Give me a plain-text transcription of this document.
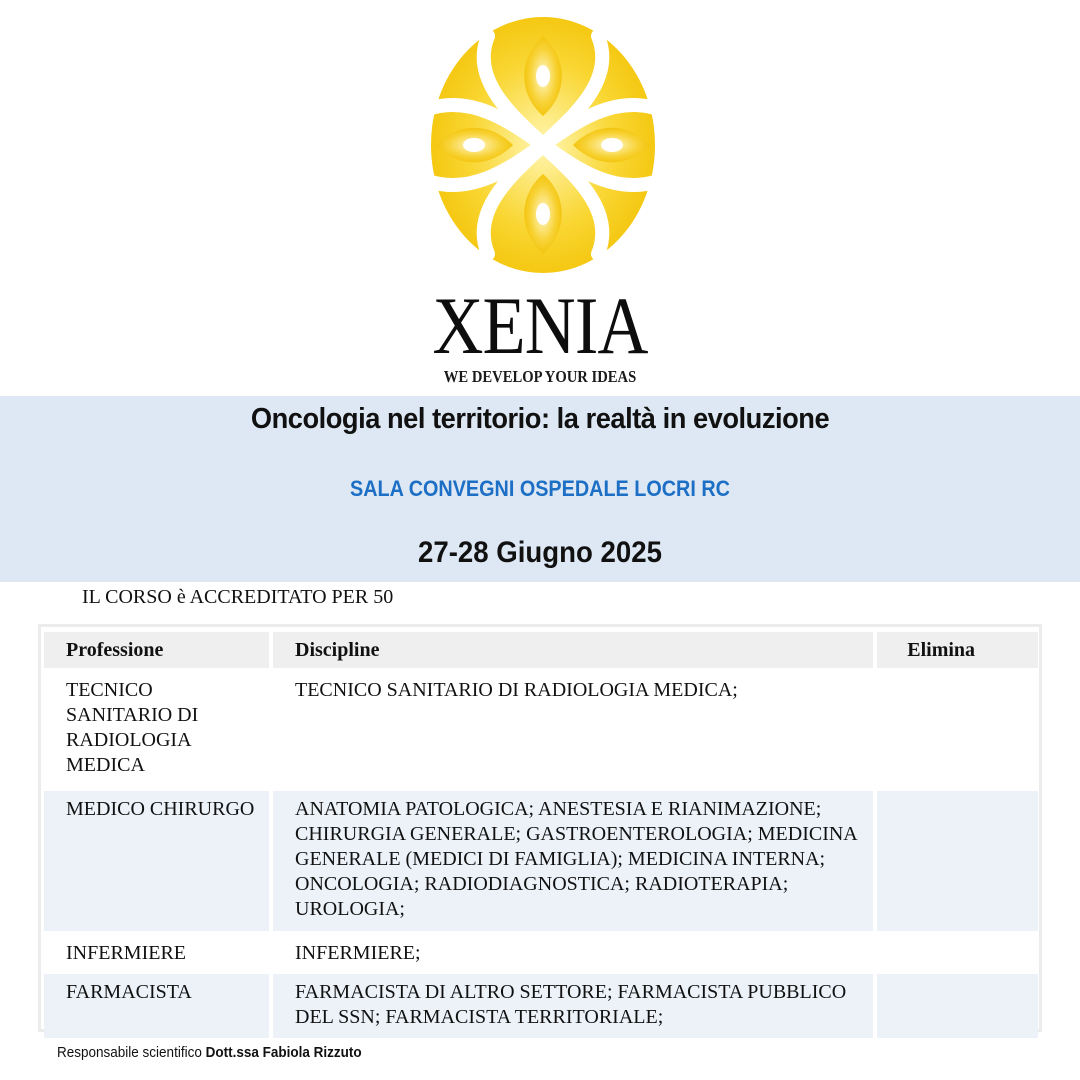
XENIA
WE DEVELOP YOUR IDEAS
Oncologia nel territorio: la realtà in evoluzione
SALA CONVEGNI OSPEDALE LOCRI RC
27-28 Giugno 2025
IL CORSO è ACCREDITATO PER 50
Professione	Discipline	Elimina
TECNICO SANITARIO DI RADIOLOGIA MEDICA	TECNICO SANITARIO DI RADIOLOGIA MEDICA;	
MEDICO CHIRURGO	ANATOMIA PATOLOGICA; ANESTESIA E RIANIMAZIONE; CHIRURGIA GENERALE; GASTROENTEROLOGIA; MEDICINA GENERALE (MEDICI DI FAMIGLIA); MEDICINA INTERNA; ONCOLOGIA; RADIODIAGNOSTICA; RADIOTERAPIA; UROLOGIA;	
INFERMIERE	INFERMIERE;	
FARMACISTA	FARMACISTA DI ALTRO SETTORE; FARMACISTA PUBBLICO DEL SSN; FARMACISTA TERRITORIALE;	
Responsabile scientifico Dott.ssa Fabiola Rizzuto
